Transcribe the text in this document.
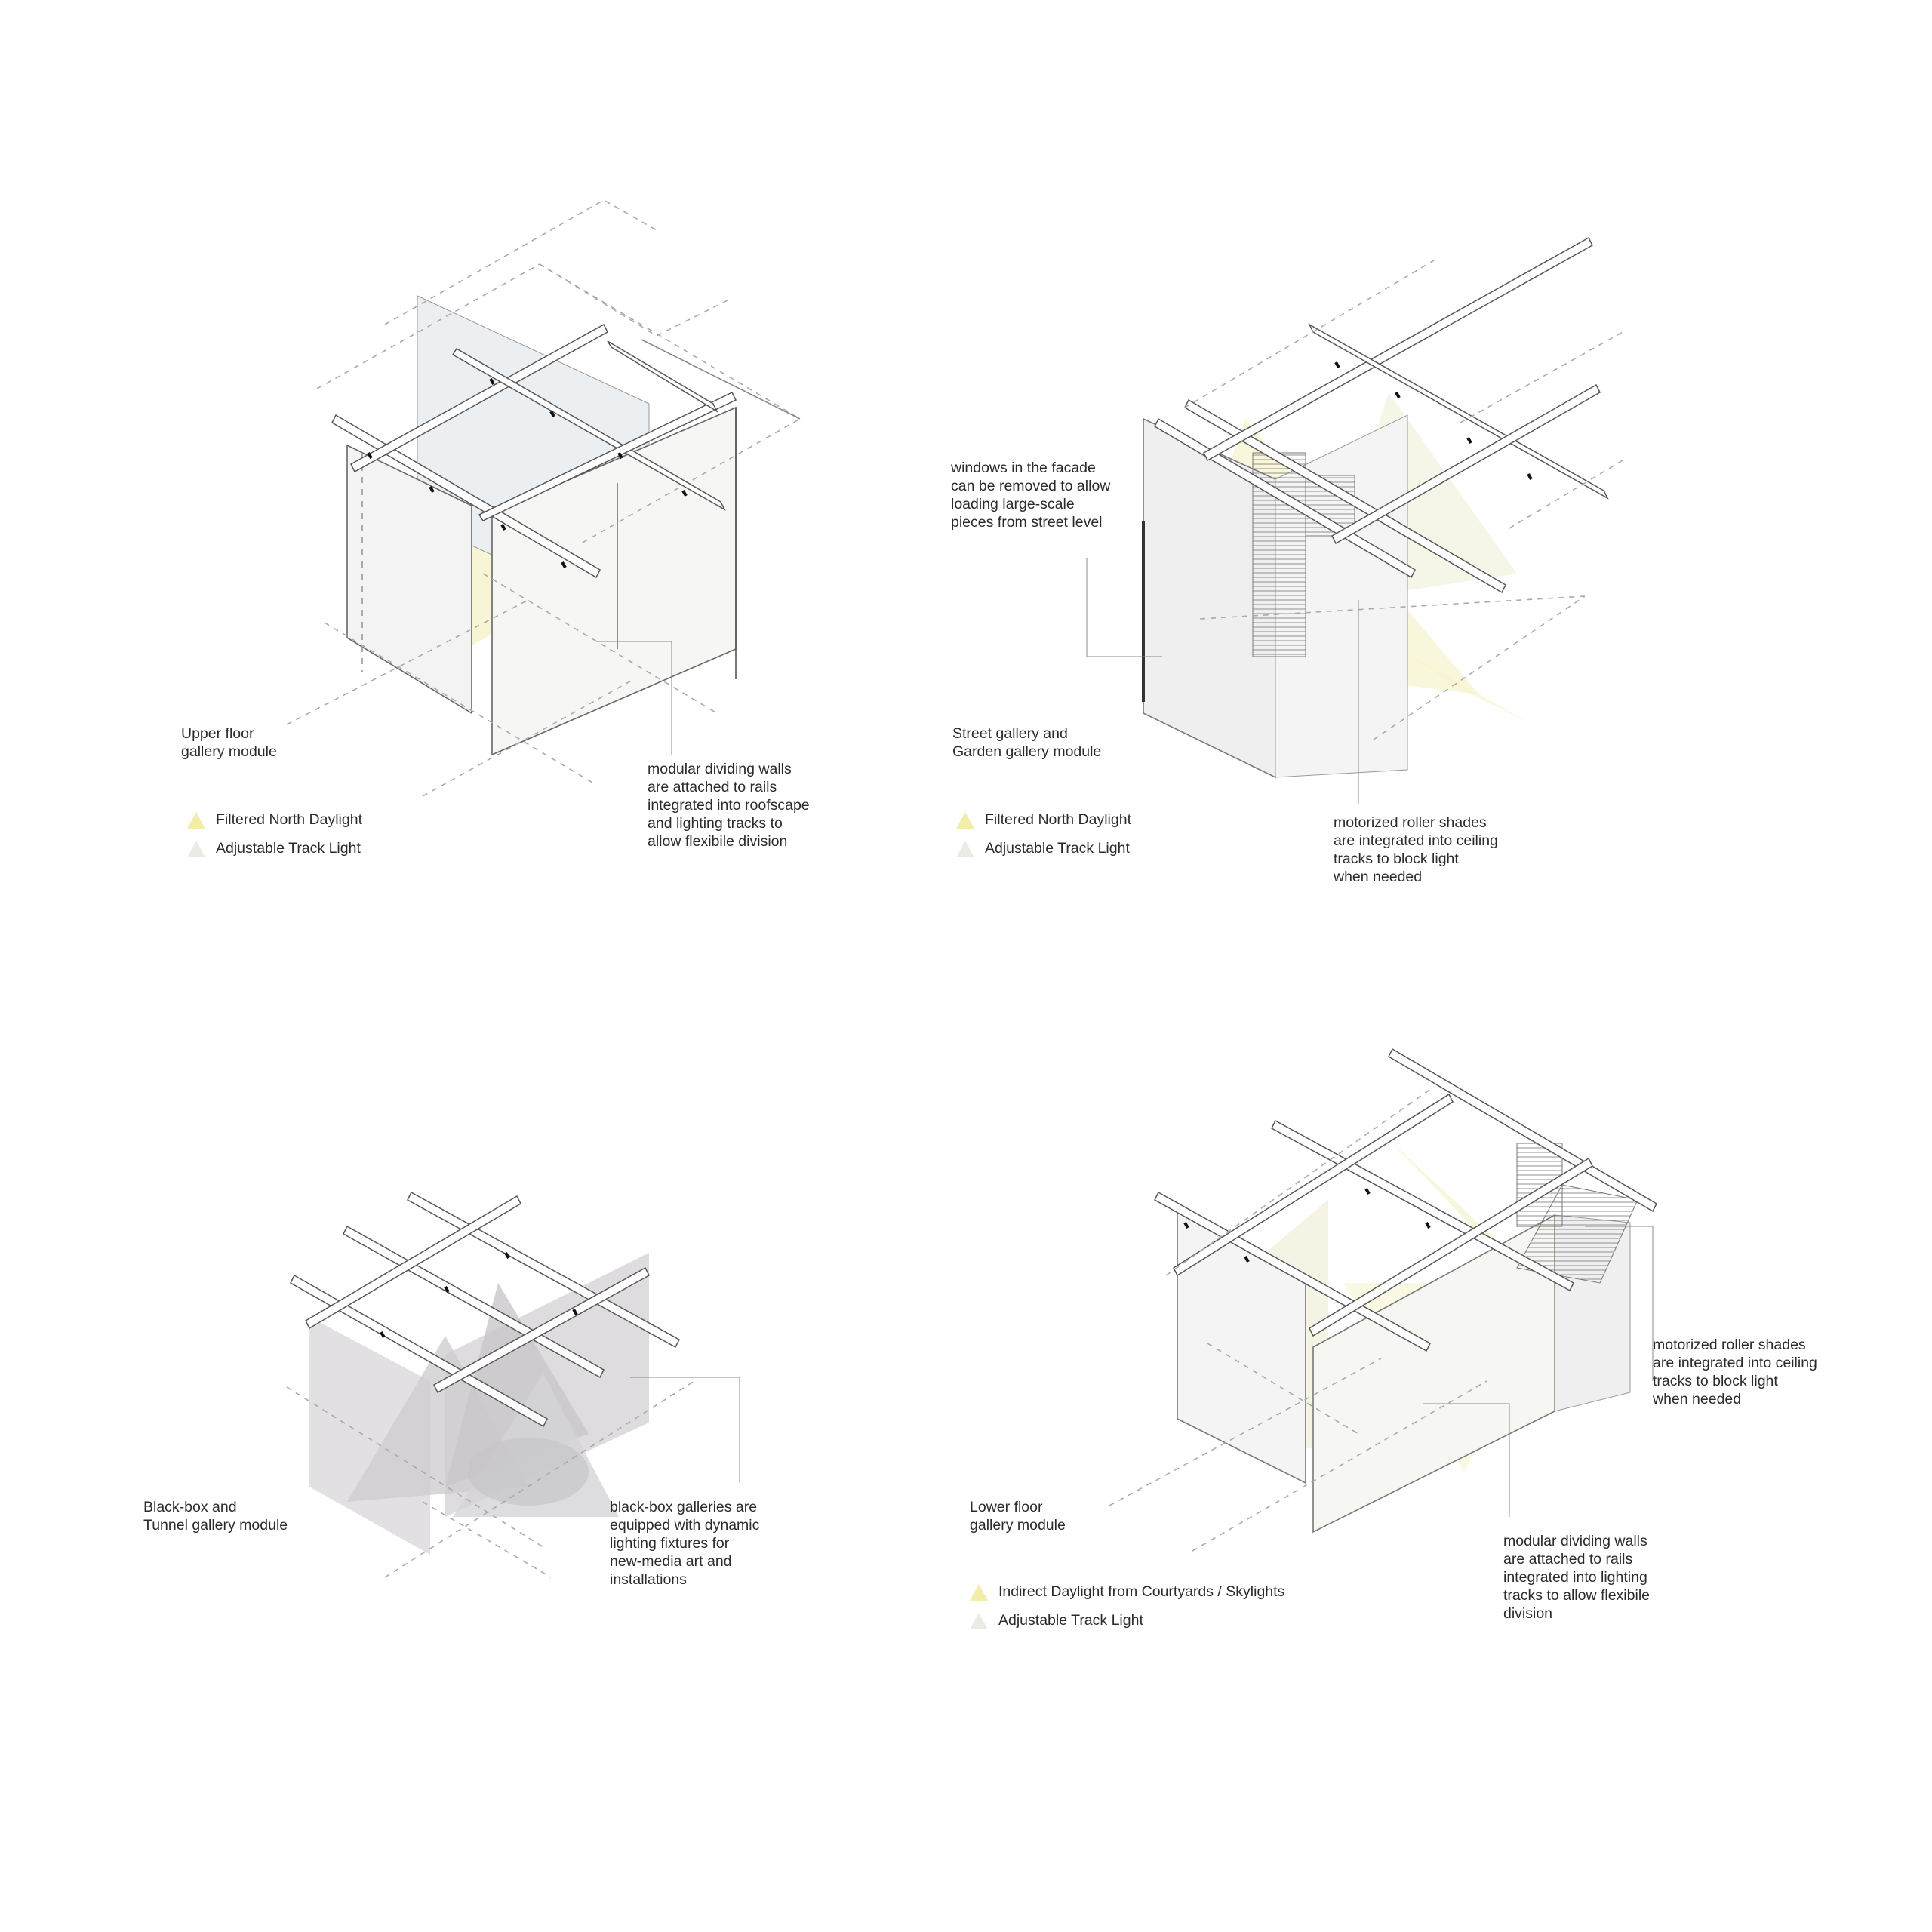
Upper floor
gallery module
modular dividing walls
are attached to rails
integrated into roofscape
and lighting tracks to
allow flexibile division
Filtered North Daylight
Adjustable Track Light
windows in the facade
can be removed to allow
loading large-scale
pieces from street level
Street gallery and
Garden gallery module
motorized roller shades
are integrated into ceiling
tracks to block light
when needed
Filtered North Daylight
Adjustable Track Light
Black-box and
Tunnel gallery module
black-box galleries are
equipped with dynamic
lighting fixtures for
new-media art and
installations
motorized roller shades
are integrated into ceiling
tracks to block light
when needed
Lower floor
gallery module
modular dividing walls
are attached to rails
integrated into lighting
tracks to allow flexibile
division
Indirect Daylight from Courtyards / Skylights
Adjustable Track Light
